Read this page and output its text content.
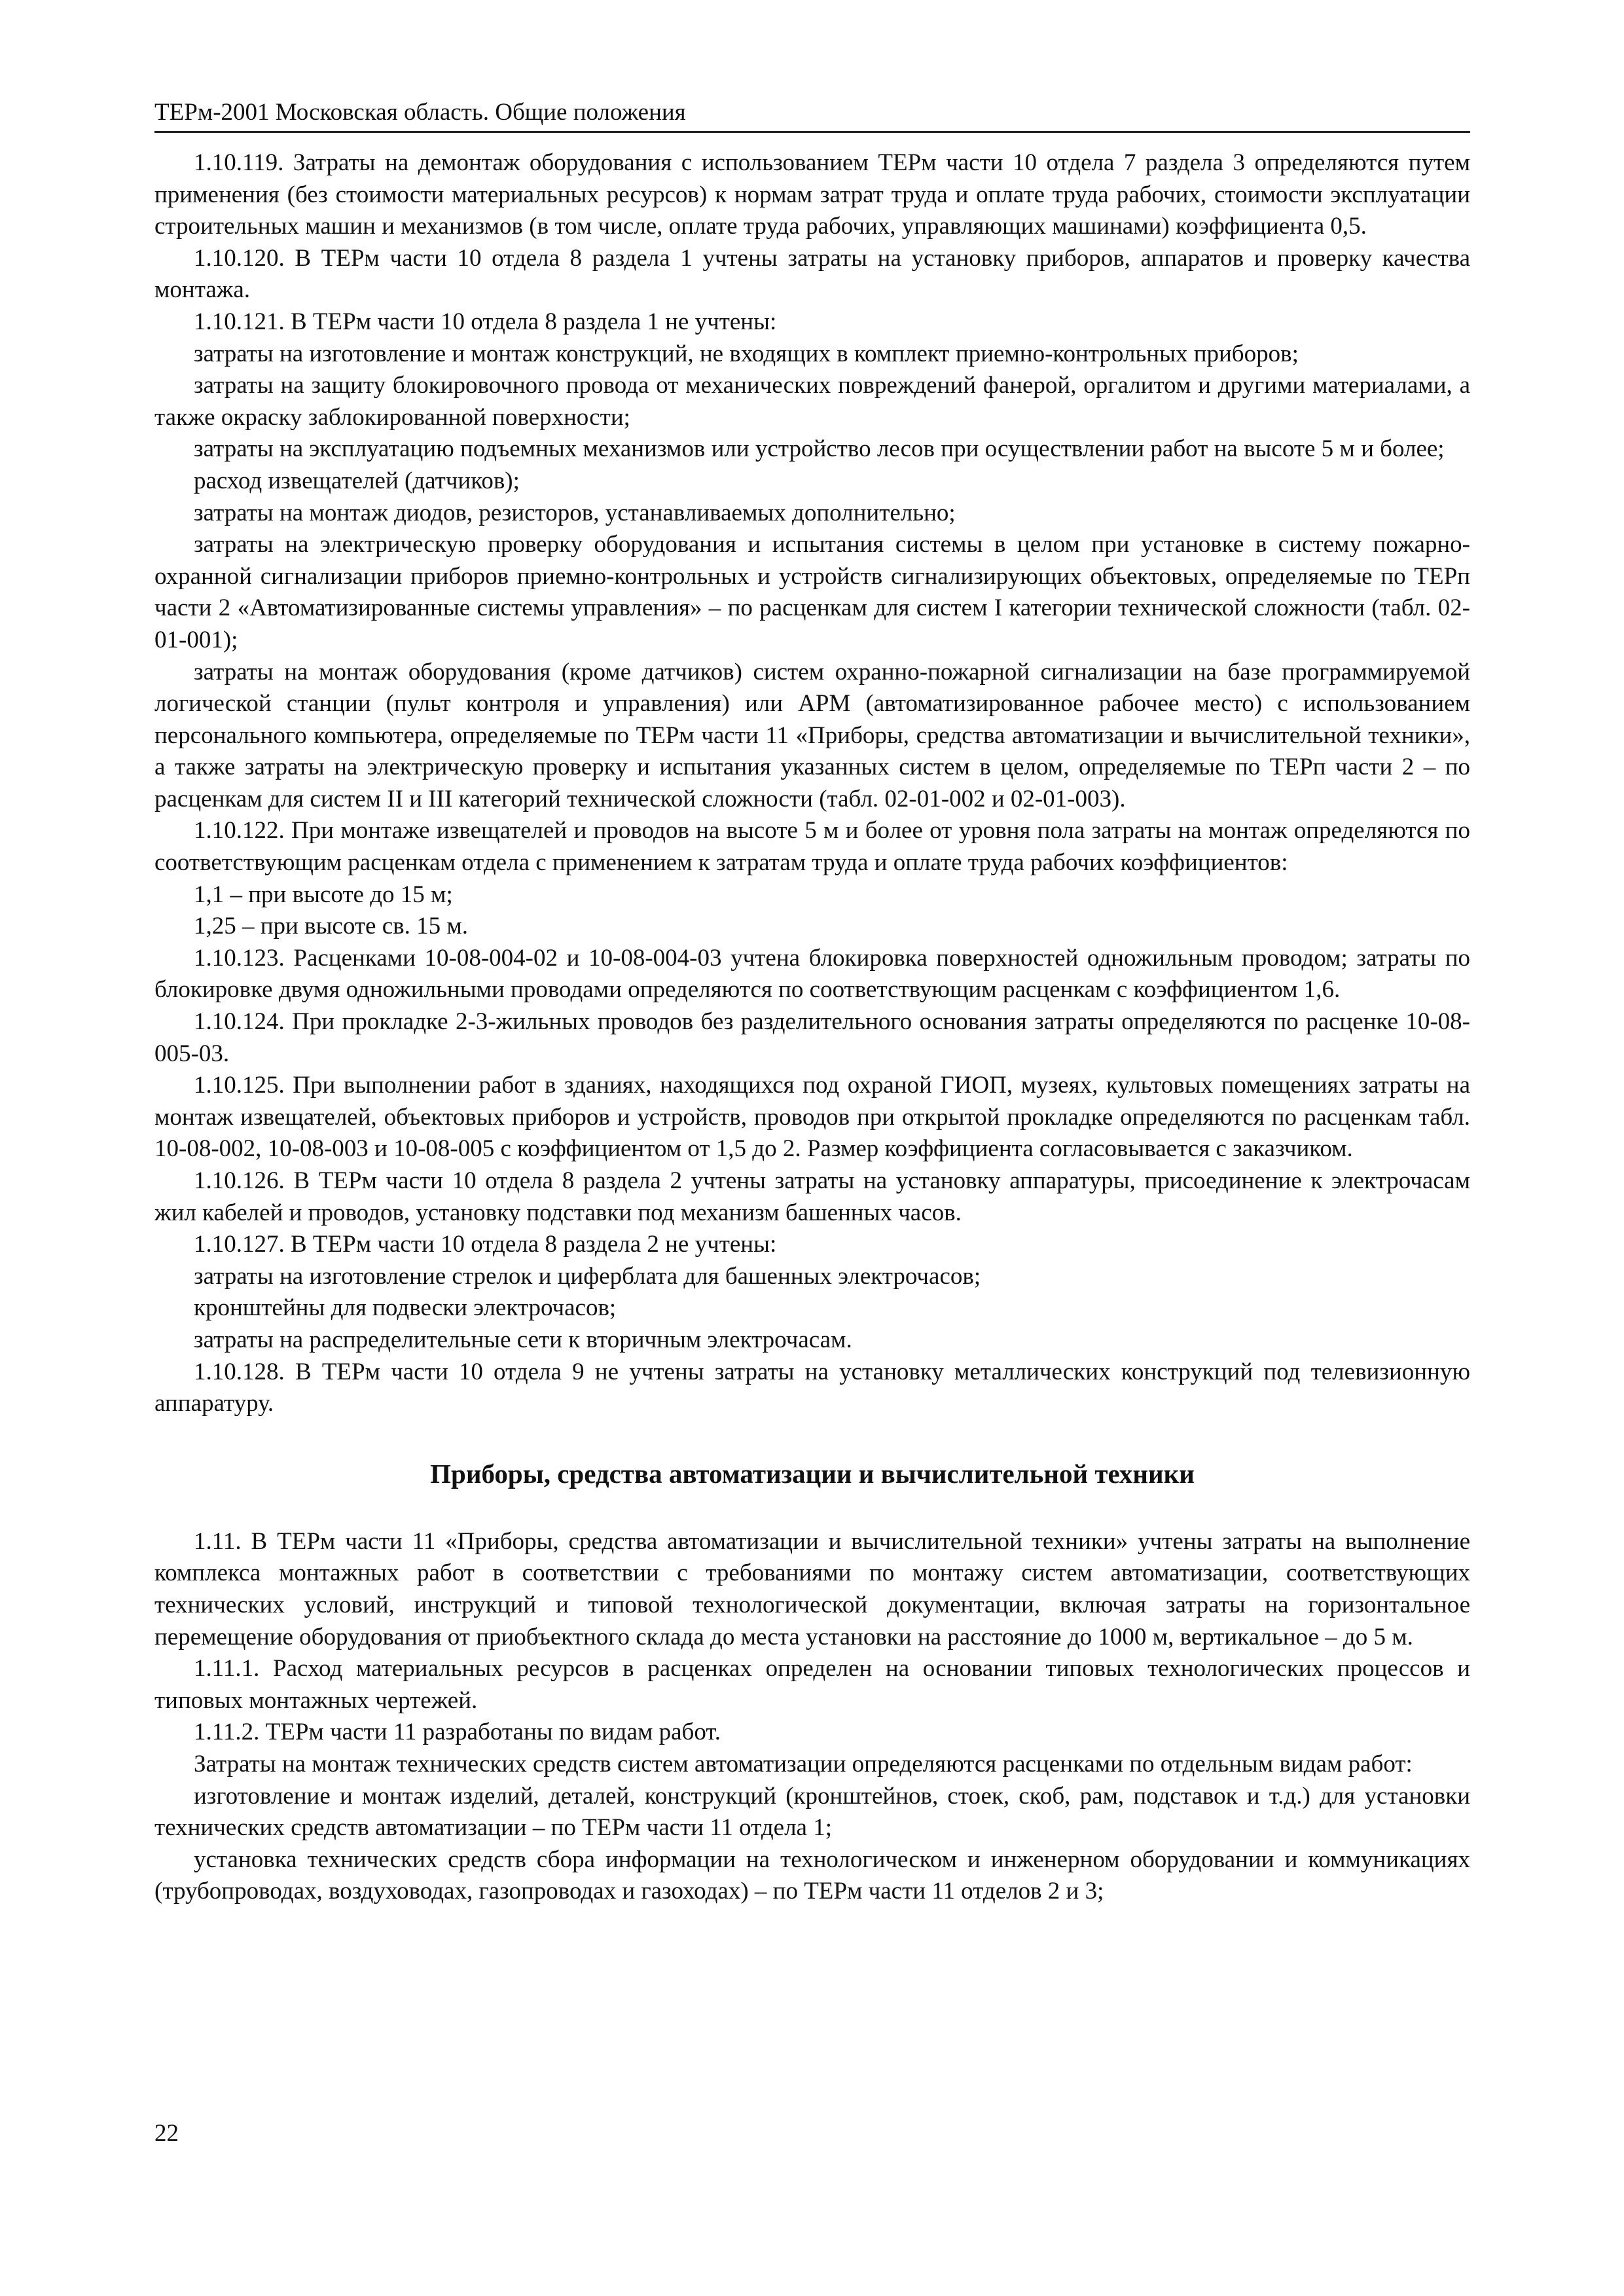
ТЕРм-2001 Московская область. Общие положения

1.10.119. Затраты на демонтаж оборудования с использованием ТЕРм части 10 отдела 7 раздела 3 определяются путем применения (без стоимости материальных ресурсов) к нормам затрат труда и оплате труда рабочих, стоимости эксплуатации строительных машин и механизмов (в том числе, оплате труда рабочих, управляющих машинами) коэффициента 0,5.

1.10.120. В ТЕРм части 10 отдела 8 раздела 1 учтены затраты на установку приборов, аппаратов и проверку качества монтажа.

1.10.121. В ТЕРм части 10 отдела 8 раздела 1 не учтены:

затраты на изготовление и монтаж конструкций, не входящих в комплект приемно-контрольных приборов;

затраты на защиту блокировочного провода от механических повреждений фанерой, оргалитом и другими материалами, а также окраску заблокированной поверхности;

затраты на эксплуатацию подъемных механизмов или устройство лесов при осуществлении работ на высоте 5 м и более;

расход извещателей (датчиков);

затраты на монтаж диодов, резисторов, устанавливаемых дополнительно;

затраты на электрическую проверку оборудования и испытания системы в целом при установке в систему пожарно-охранной сигнализации приборов приемно-контрольных и устройств сигнализирующих объектовых, определяемые по ТЕРп части 2 «Автоматизированные системы управления» – по расценкам для систем I категории технической сложности (табл. 02-01-001);

затраты на монтаж оборудования (кроме датчиков) систем охранно-пожарной сигнализации на базе программируемой логической станции (пульт контроля и управления) или АРМ (автоматизированное рабочее место) с использованием персонального компьютера, определяемые по ТЕРм части 11 «Приборы, средства автоматизации и вычислительной техники», а также затраты на электрическую проверку и испытания указанных систем в целом, определяемые по ТЕРп части 2 – по расценкам для систем II и III категорий технической сложности (табл. 02-01-002 и 02-01-003).

1.10.122. При монтаже извещателей и проводов на высоте 5 м и более от уровня пола затраты на монтаж определяются по соответствующим расценкам отдела с применением к затратам труда и оплате труда рабочих коэффициентов:

1,1 – при высоте до 15 м;

1,25 – при высоте св. 15 м.

1.10.123. Расценками 10-08-004-02 и 10-08-004-03 учтена блокировка поверхностей одножильным проводом; затраты по блокировке двумя одножильными проводами определяются по соответствующим расценкам с коэффициентом 1,6.

1.10.124. При прокладке 2-3-жильных проводов без разделительного основания затраты определяются по расценке 10-08-005-03.

1.10.125. При выполнении работ в зданиях, находящихся под охраной ГИОП, музеях, культовых помещениях затраты на монтаж извещателей, объектовых приборов и устройств, проводов при открытой прокладке определяются по расценкам табл. 10-08-002, 10-08-003 и 10-08-005 с коэффициентом от 1,5 до 2. Размер коэффициента согласовывается с заказчиком.

1.10.126. В ТЕРм части 10 отдела 8 раздела 2 учтены затраты на установку аппаратуры, присоединение к электрочасам жил кабелей и проводов, установку подставки под механизм башенных часов.

1.10.127. В ТЕРм части 10 отдела 8 раздела 2 не учтены:

затраты на изготовление стрелок и циферблата для башенных электрочасов;

кронштейны для подвески электрочасов;

затраты на распределительные сети к вторичным электрочасам.

1.10.128. В ТЕРм части 10 отдела 9 не учтены затраты на установку металлических конструкций под телевизионную аппаратуру.

Приборы, средства автоматизации и вычислительной техники

1.11. В ТЕРм части 11 «Приборы, средства автоматизации и вычислительной техники» учтены затраты на выполнение комплекса монтажных работ в соответствии с требованиями по монтажу систем автоматизации, соответствующих технических условий, инструкций и типовой технологической документации, включая затраты на горизонтальное перемещение оборудования от приобъектного склада до места установки на расстояние до 1000 м, вертикальное – до 5 м.

1.11.1. Расход материальных ресурсов в расценках определен на основании типовых технологических процессов и типовых монтажных чертежей.

1.11.2. ТЕРм части 11 разработаны по видам работ.

Затраты на монтаж технических средств систем автоматизации определяются расценками по отдельным видам работ:

изготовление и монтаж изделий, деталей, конструкций (кронштейнов, стоек, скоб, рам, подставок и т.д.) для установки технических средств автоматизации – по ТЕРм части 11 отдела 1;

установка технических средств сбора информации на технологическом и инженерном оборудовании и коммуникациях (трубопроводах, воздуховодах, газопроводах и газоходах) – по ТЕРм части 11 отделов 2 и 3;

22
